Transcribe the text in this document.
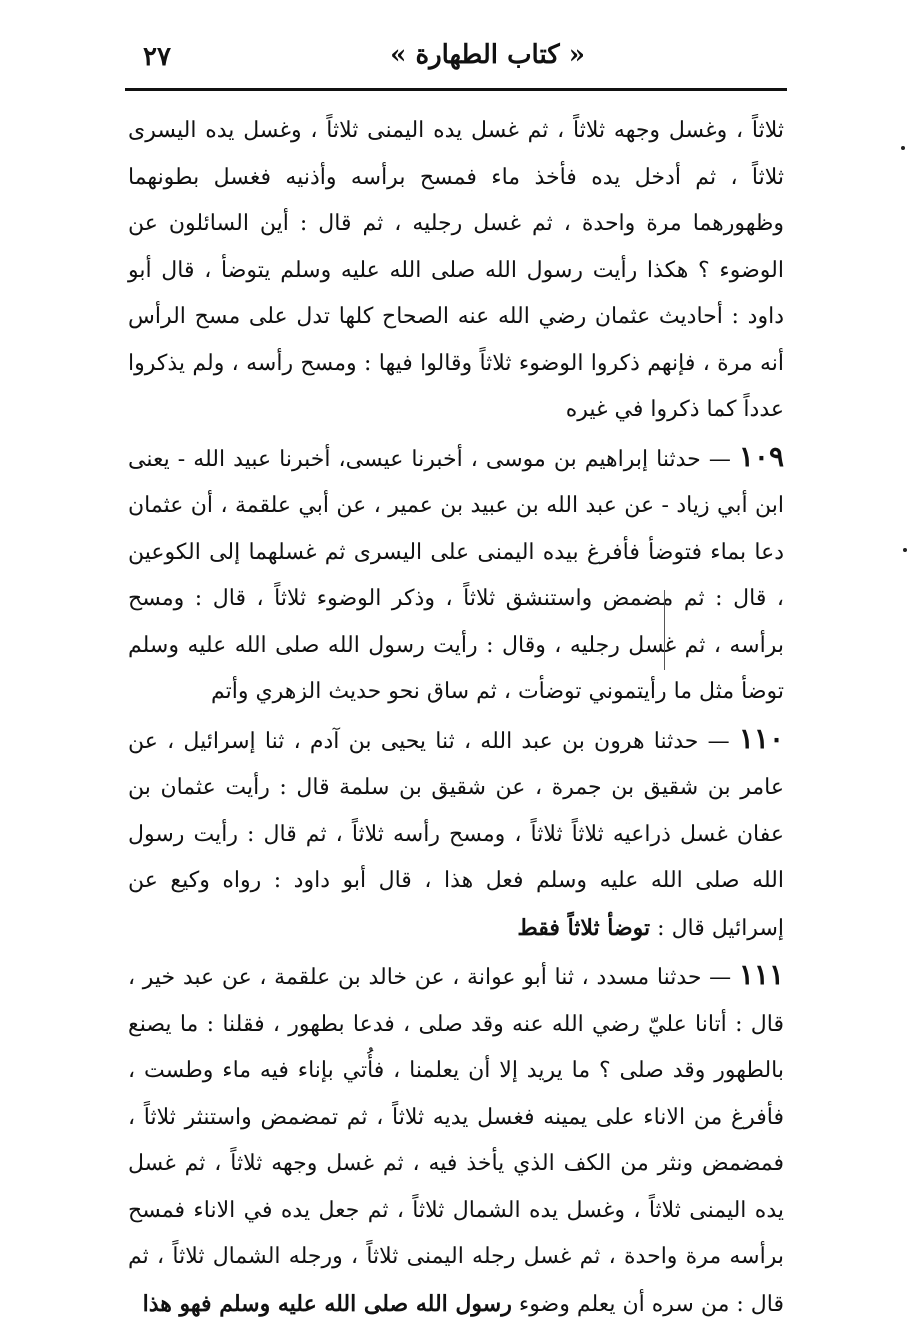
« كتاب الطهارة »
٢٧

ثلاثاً ، وغسل وجهه ثلاثاً ، ثم غسل يده اليمنى ثلاثاً ، وغسل يده اليسرى ثلاثاً ، ثم أدخل يده فأخذ ماء فمسح برأسه وأذنيه فغسل بطونهما وظهورهما مرة واحدة ، ثم غسل رجليه ، ثم قال : أين السائلون عن الوضوء ؟ هكذا رأيت رسول الله صلى الله عليه وسلم يتوضأ ، قال أبو داود : أحاديث عثمان رضي الله عنه الصحاح كلها تدل على مسح الرأس أنه مرة ، فإنهم ذكروا الوضوء ثلاثاً وقالوا فيها : ومسح رأسه ، ولم يذكروا عدداً كما ذكروا في غيره

١٠٩ — حدثنا إبراهيم بن موسى ، أخبرنا عيسى، أخبرنا عبيد الله - يعنى ابن أبي زياد - عن عبد الله بن عبيد بن عمير ، عن أبي علقمة ، أن عثمان دعا بماء فتوضأ فأفرغ بيده اليمنى على اليسرى ثم غسلهما إلى الكوعين ، قال : ثم مضمض واستنشق ثلاثاً ، وذكر الوضوء ثلاثاً ، قال : ومسح برأسه ، ثم غسل رجليه ، وقال : رأيت رسول الله صلى الله عليه وسلم توضأ مثل ما رأيتموني توضأت ، ثم ساق نحو حديث الزهري وأتم

١١٠ — حدثنا هرون بن عبد الله ، ثنا يحيى بن آدم ، ثنا إسرائيل ، عن عامر بن شقيق بن جمرة ، عن شقيق بن سلمة قال : رأيت عثمان بن عفان غسل ذراعيه ثلاثاً ثلاثاً ، ومسح رأسه ثلاثاً ، ثم قال : رأيت رسول الله صلى الله عليه وسلم فعل هذا ، قال أبو داود : رواه وكيع عن إسرائيل قال : توضأ ثلاثاً فقط

١١١ — حدثنا مسدد ، ثنا أبو عوانة ، عن خالد بن علقمة ، عن عبد خير ، قال : أتانا عليّ رضي الله عنه وقد صلى ، فدعا بطهور ، فقلنا : ما يصنع بالطهور وقد صلى ؟ ما يريد إلا أن يعلمنا ، فأُتي بإناء فيه ماء وطست ، فأفرغ من الاناء على يمينه فغسل يديه ثلاثاً ، ثم تمضمض واستنثر ثلاثاً ، فمضمض ونثر من الكف الذي يأخذ فيه ، ثم غسل وجهه ثلاثاً ، ثم غسل يده اليمنى ثلاثاً ، وغسل يده الشمال ثلاثاً ، ثم جعل يده في الاناء فمسح برأسه مرة واحدة ، ثم غسل رجله اليمنى ثلاثاً ، ورجله الشمال ثلاثاً ، ثم قال : من سره أن يعلم وضوء رسول الله صلى الله عليه وسلم فهو هذا
